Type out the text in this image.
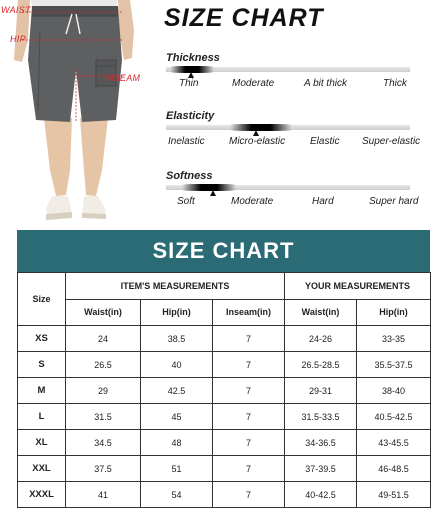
WAIST
HIP
INSEAM
SIZE CHART
Thickness
Thin	Moderate	A bit thick	Thick
Elasticity
Inelastic Micro-elastic Elastic Super-elastic
Softness
Soft	Moderate	Hard	Super hard
SIZE CHART
Size	ITEM'S MEASUREMENTS			YOUR MEASUREMENTS	
	Waist(in)	Hip(in)	Inseam(in)	Waist(in)	Hip(in)
XS	24	38.5	7	24-26	33-35
S	26.5	40	7	26.5-28.5	35.5-37.5
M	29	42.5	7	29-31	38-40
L	31.5	45	7	31.5-33.5	40.5-42.5
XL	34.5	48	7	34-36.5	43-45.5
XXL	37.5	51	7	37-39.5	46-48.5
XXXL	41	54	7	40-42.5	49-51.5
